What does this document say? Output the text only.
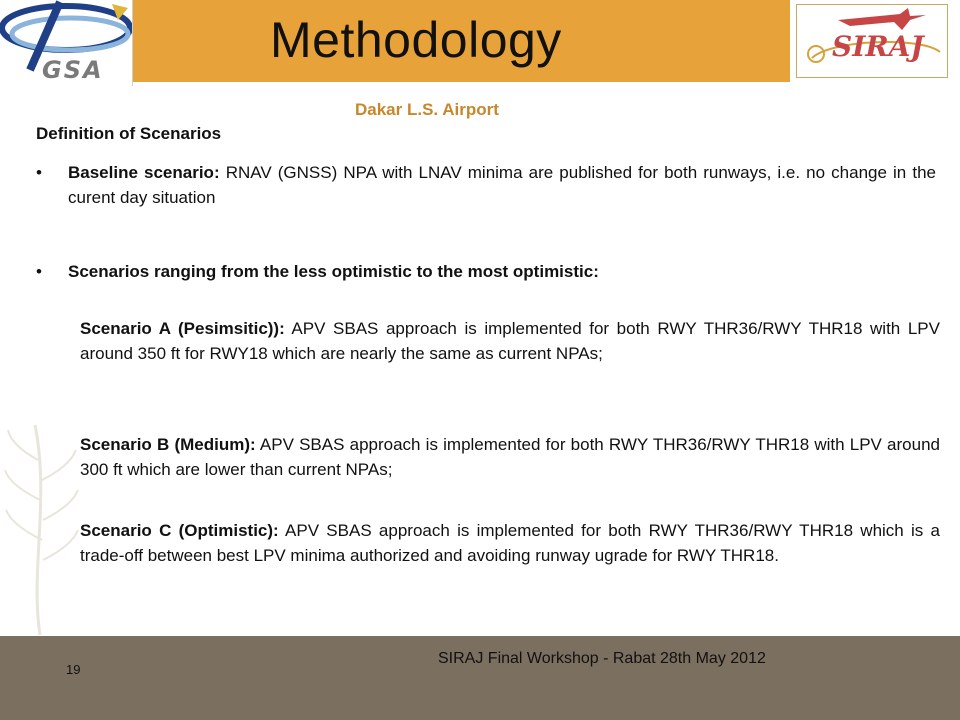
GSA
Methodology	SIRAJ
Dakar L.S. Airport
Definition of Scenarios
• Baseline scenario: RNAV (GNSS) NPA with LNAV minima are published for both runways, i.e. no change in the curent day situation
• Scenarios ranging from the less optimistic to the most optimistic:
Scenario A (Pesimsitic)): APV SBAS approach is implemented for both RWY THR36/RWY THR18 with LPV around 350 ft for RWY18 which are nearly the same as current NPAs;
Scenario B (Medium): APV SBAS approach is implemented for both RWY THR36/RWY THR18 with LPV around 300 ft which are lower than current NPAs;
Scenario C (Optimistic): APV SBAS approach is implemented for both RWY THR36/RWY THR18 which is a trade-off between best LPV minima authorized and avoiding runway ugrade for RWY THR18.
19
SIRAJ Final Workshop - Rabat 28th May 2012
